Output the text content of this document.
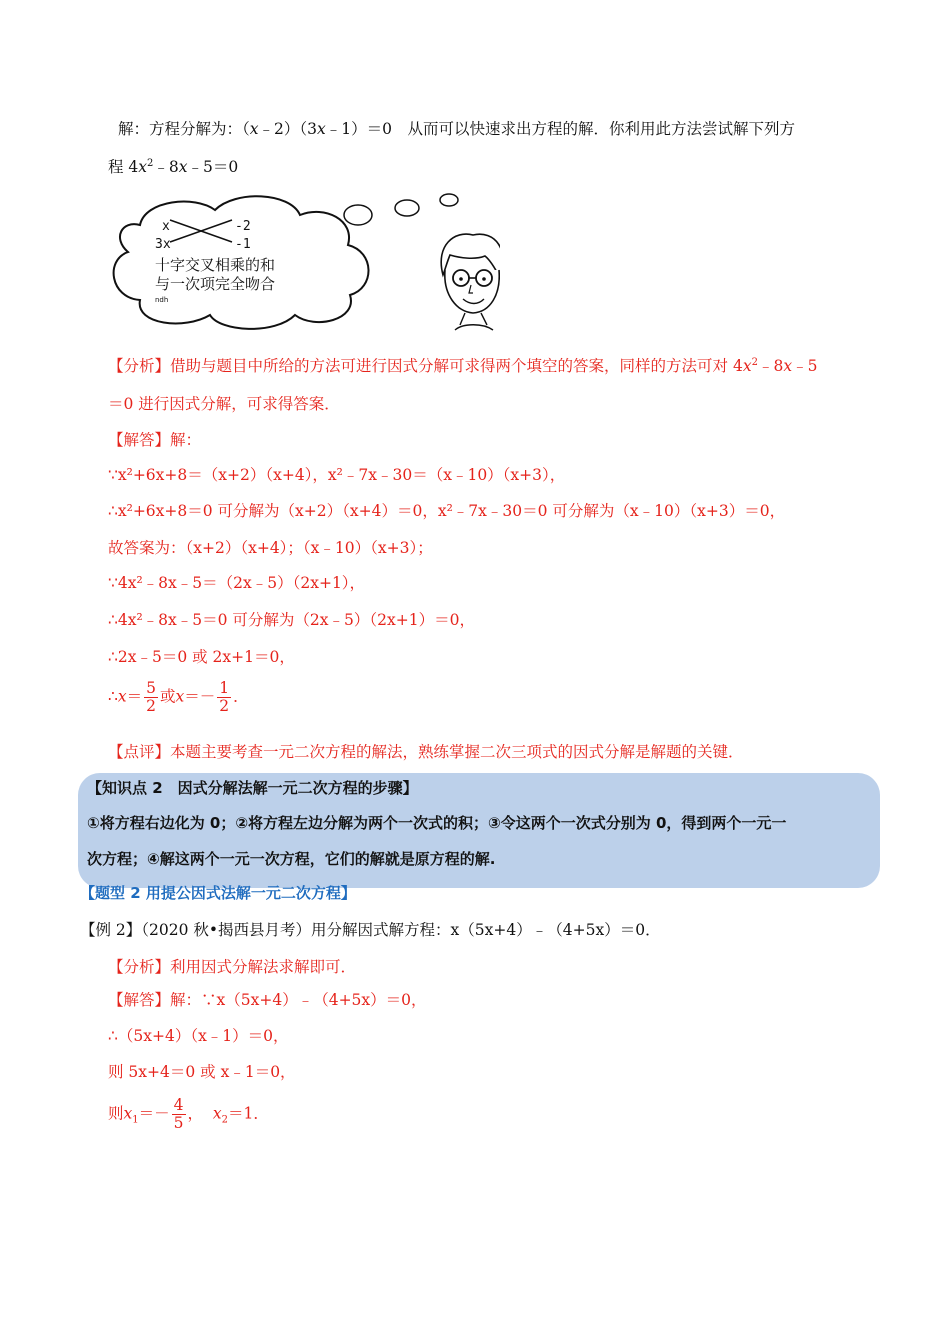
解：方程分解为：（x﹣2）（3x﹣1）＝0　从而可以快速求出方程的解．你利用此方法尝试解下列方
程 $4x^2﹣8x﹣5=0$
x	-2
3x	-1
十字交叉相乘的和
与一次项完全吻合
ndh
【分析】借助与题目中所给的方法可进行因式分解可求得两个填空的答案，同样的方法可对 $4x^2﹣8x﹣5$
＝0 进行因式分解，可求得答案．
【解答】解：
∵x²+6x+8＝（x+2）（x+4），x²﹣7x﹣30＝（x﹣10）（x+3），
∴x²+6x+8＝0 可分解为（x+2）（x+4）＝0，x²﹣7x﹣30＝0 可分解为（x﹣10）（x+3）＝0，
故答案为：（x+2）（x+4）；（x﹣10）（x+3）；
∵4x²﹣8x﹣5＝（2x﹣5）（2x+1），
∴4x²﹣8x﹣5＝0 可分解为（2x﹣5）（2x+1）＝0，
∴2x﹣5＝0 或 2x+1＝0，
∴x＝ $\frac{5}{2}$ 或$x=- \frac{1}{2}$ ．
【点评】本题主要考查一元二次方程的解法，熟练掌握二次三项式的因式分解是解题的关键．
【知识点 2　因式分解法解一元二次方程的步骤】
①将方程右边化为 0；②将方程左边分解为两个一次式的积；③令这两个一次式分别为 0，得到两个一元一
次方程；④解这两个一元一次方程，它们的解就是原方程的解.
【题型 2 用提公因式法解一元二次方程】
【例 2】（2020 秋•揭西县月考）用分解因式解方程：x（5x+4）﹣（4+5x）＝0．
【分析】利用因式分解法求解即可．
【解答】解：∵x（5x+4）﹣（4+5x）＝0，
∴（5x+4）（x﹣1）＝0，
则 5x+4＝0 或 x﹣1＝0，
则$x_1=- \frac{4}{5}$ ， $x_2=1$．
